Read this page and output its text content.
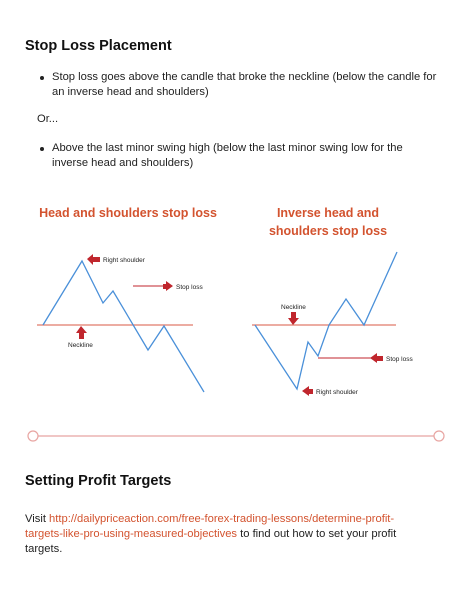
Stop Loss Placement
Stop loss goes above the candle that broke the neckline (below the candle for an inverse head and shoulders)
Or...
Above the last minor swing high (below the last minor swing low for the inverse head and shoulders)
Head and shoulders stop loss	Inverse head and shoulders stop loss
Right shoulder
Stop loss
Neckline
Neckline
Stop loss
Right shoulder
Setting Profit Targets
Visit http://dailypriceaction.com/free-forex-trading-lessons/determine-profit-targets-like-pro-using-measured-objectives to find out how to set your profit targets.
